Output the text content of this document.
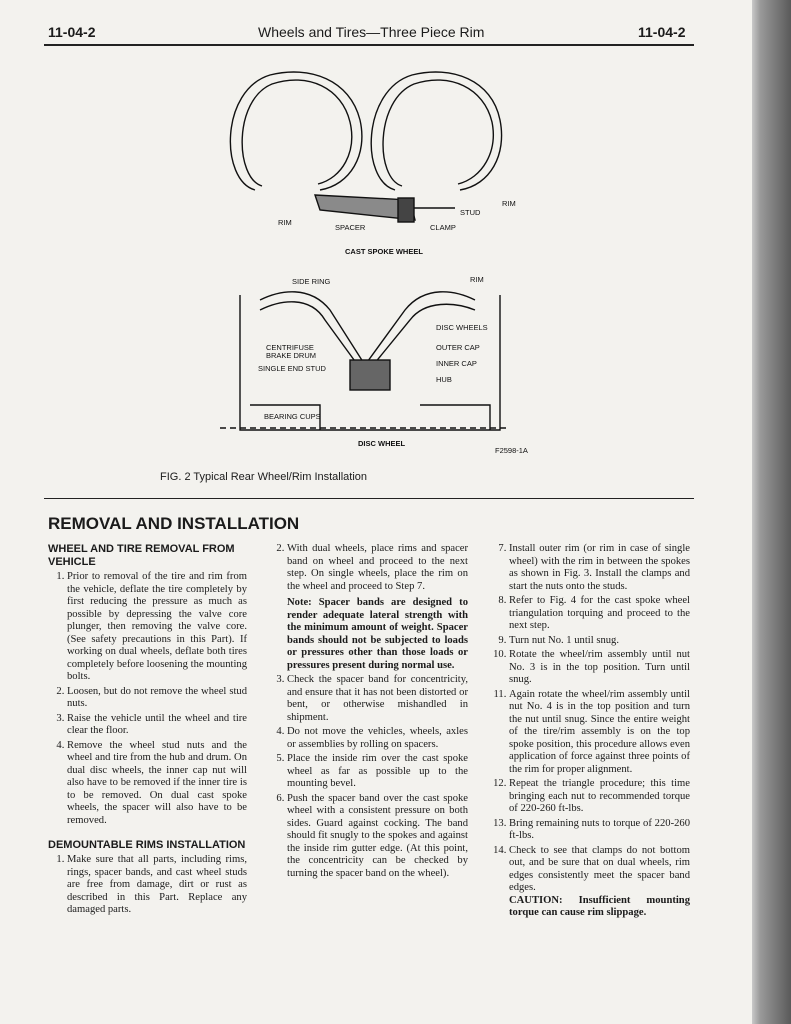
11-04-2	Wheels and Tires—Three Piece Rim	11-04-2
RIM
SPACER	CLAMP
STUD
RIM
CAST SPOKE WHEEL
SIDE RING	RIM
DISC WHEELS
CENTRIFUSE
BRAKE DRUM
OUTER CAP
INNER CAP
SINGLE END STUD
HUB
BEARING CUPS
DISC WHEEL
F2598-1A
FIG. 2 Typical Rear Wheel/Rim Installation
REMOVAL AND INSTALLATION
WHEEL AND TIRE REMOVAL FROM VEHICLE
1. Prior to removal of the tire and rim from the vehicle, deflate the tire completely by first reducing the pressure as much as possible by depressing the valve core plunger, then removing the valve core. (See safety precautions in this Part). If working on dual wheels, deflate both tires completely before loosening the mounting bolts.
2. Loosen, but do not remove the wheel stud nuts.
3. Raise the vehicle until the wheel and tire clear the floor.
4. Remove the wheel stud nuts and the wheel and tire from the hub and drum. On dual disc wheels, the inner cap nut will also have to be removed if the inner tire is to be removed. On dual cast spoke wheels, the spacer will also have to be removed.
DEMOUNTABLE RIMS INSTALLATION
1. Make sure that all parts, including rims, rings, spacer bands, and cast wheel studs are free from damage, dirt or rust as described in this Part. Replace any damaged parts.
2. With dual wheels, place rims and spacer band on wheel and proceed to the next step. On single wheels, place the rim on the wheel and proceed to Step 7.
Note: Spacer bands are designed to render adequate lateral strength with the minimum amount of weight. Spacer bands should not be subjected to loads or pressures other than those loads or pressures present during normal use.
3. Check the spacer band for concentricity, and ensure that it has not been distorted or bent, or otherwise mishandled in shipment.
4. Do not move the vehicles, wheels, axles or assemblies by rolling on spacers.
5. Place the inside rim over the cast spoke wheel as far as possible up to the mounting bevel.
6. Push the spacer band over the cast spoke wheel with a consistent pressure on both sides. Guard against cocking. The band should fit snugly to the spokes and against the inside rim gutter edge. (At this point, the concentricity can be checked by turning the spacer band on the wheel).
7. Install outer rim (or rim in case of single wheel) with the rim in between the spokes as shown in Fig. 3. Install the clamps and start the nuts onto the studs.
8. Refer to Fig. 4 for the cast spoke wheel triangulation torquing and proceed to the next step.
9. Turn nut No. 1 until snug.
10. Rotate the wheel/rim assembly until nut No. 3 is in the top position. Turn until snug.
11. Again rotate the wheel/rim assembly until nut No. 4 is in the top position and turn the nut until snug. Since the entire weight of the tire/rim assembly is on the top spoke position, this procedure allows even application of force against three points of the rim for proper alignment.
12. Repeat the triangle procedure; this time bringing each nut to recommended torque of 220-260 ft-lbs.
13. Bring remaining nuts to torque of 220-260 ft-lbs.
14. Check to see that clamps do not bottom out, and be sure that on dual wheels, rim edges consistently meet the spacer band edges.
CAUTION: Insufficient mounting torque can cause rim slippage.
